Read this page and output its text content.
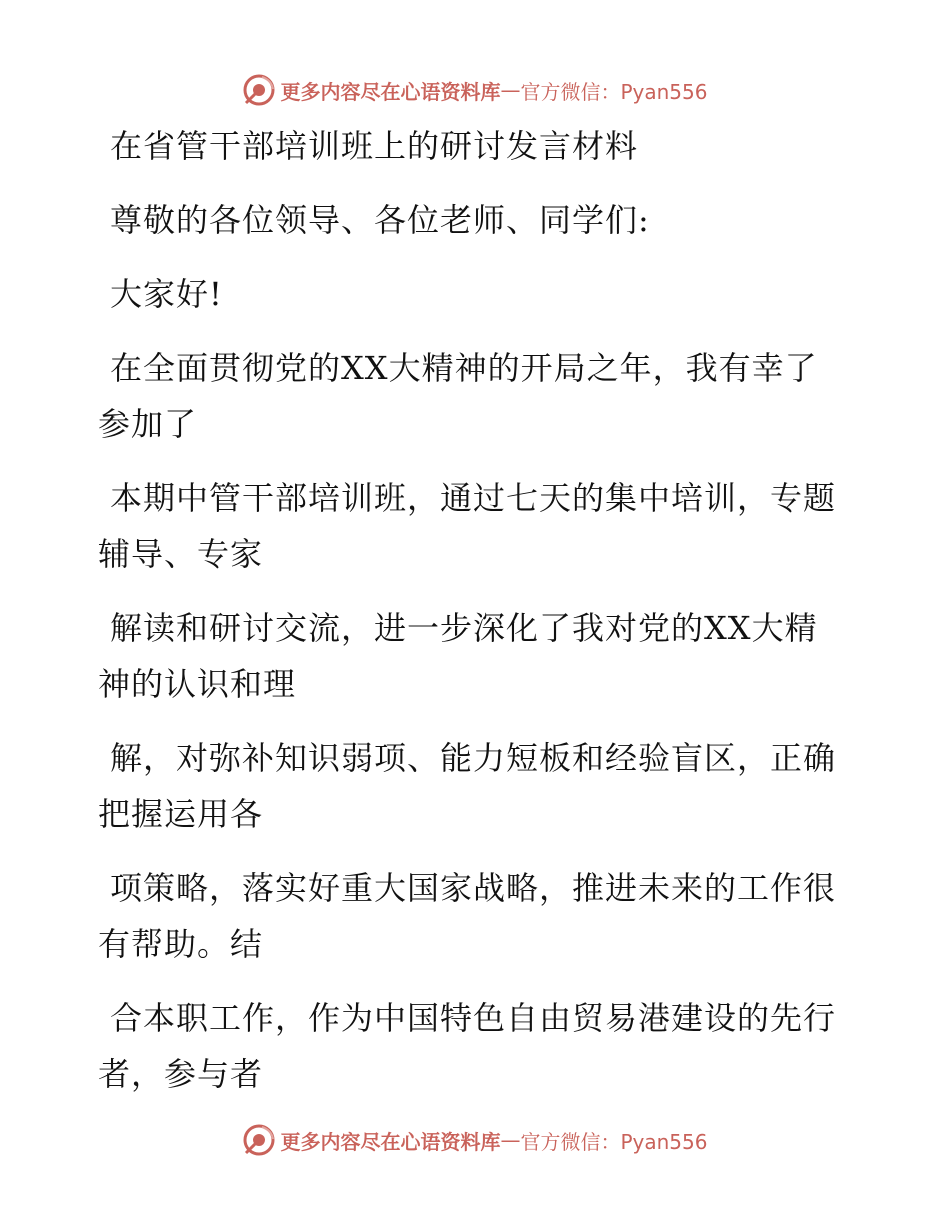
更多内容尽在心语资料库 — 官方微信：Pyan556

在省管干部培训班上的研讨发言材料

尊敬的各位领导、各位老师、同学们:

大家好!

在全面贯彻党的XX大精神的开局之年，我有幸了参加了

本期中管干部培训班，通过七天的集中培训，专题辅导、专家

解读和研讨交流，进一步深化了我对党的XX大精神的认识和理

解，对弥补知识弱项、能力短板和经验盲区，正确把握运用各

项策略，落实好重大国家战略，推进未来的工作很有帮助。结

合本职工作，作为中国特色自由贸易港建设的先行者，参与者

更多内容尽在心语资料库 — 官方微信：Pyan556
